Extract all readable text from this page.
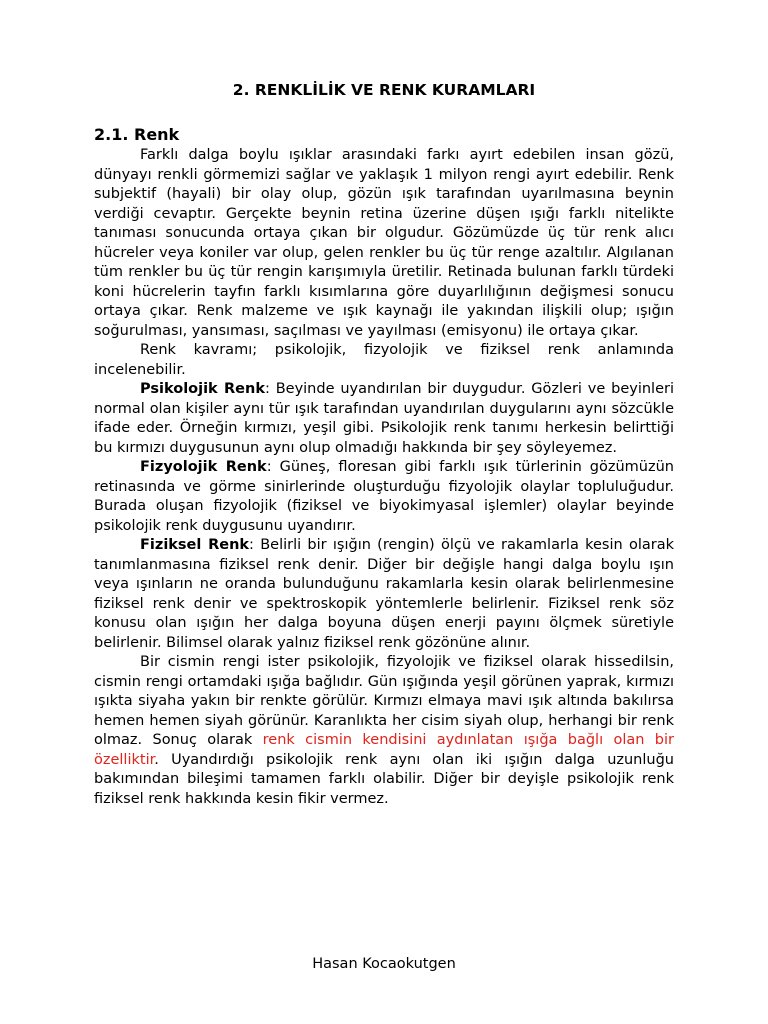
2. RENKLİLİK VE RENK KURAMLARI
2.1. Renk

Farklı dalga boylu ışıklar arasındaki farkı ayırt edebilen insan gözü, dünyayı renkli görmemizi sağlar ve yaklaşık 1 milyon rengi ayırt edebilir. Renk subjektif (hayali) bir olay olup, gözün ışık tarafından uyarılmasına beynin verdiği cevaptır. Gerçekte beynin retina üzerine düşen ışığı farklı nitelikte tanıması sonucunda ortaya çıkan bir olgudur. Gözümüzde üç tür renk alıcı hücreler veya koniler var olup, gelen renkler bu üç tür renge azaltılır. Algılanan tüm renkler bu üç tür rengin karışımıyla üretilir. Retinada bulunan farklı türdeki koni hücrelerin tayfın farklı kısımlarına göre duyarlılığının değişmesi sonucu ortaya çıkar. Renk malzeme ve ışık kaynağı ile yakından ilişkili olup; ışığın soğurulması, yansıması, saçılması ve yayılması (emisyonu) ile ortaya çıkar.

Renk kavramı; psikolojik, fizyolojik ve fiziksel renk anlamında incelenebilir.

Psikolojik Renk: Beyinde uyandırılan bir duygudur. Gözleri ve beyinleri normal olan kişiler aynı tür ışık tarafından uyandırılan duygularını aynı sözcükle ifade eder. Örneğin kırmızı, yeşil gibi. Psikolojik renk tanımı herkesin belirttiği bu kırmızı duygusunun aynı olup olmadığı hakkında bir şey söyleyemez.

Fizyolojik Renk: Güneş, floresan gibi farklı ışık türlerinin gözümüzün retinasında ve görme sinirlerinde oluşturduğu fizyolojik olaylar topluluğudur. Burada oluşan fizyolojik (fiziksel ve biyokimyasal işlemler) olaylar beyinde psikolojik renk duygusunu uyandırır.

Fiziksel Renk: Belirli bir ışığın (rengin) ölçü ve rakamlarla kesin olarak tanımlanmasına fiziksel renk denir. Diğer bir değişle hangi dalga boylu ışın veya ışınların ne oranda bulunduğunu rakamlarla kesin olarak belirlenmesine fiziksel renk denir ve spektroskopik yöntemlerle belirlenir. Fiziksel renk söz konusu olan ışığın her dalga boyuna düşen enerji payını ölçmek süretiyle belirlenir. Bilimsel olarak yalnız fiziksel renk gözönüne alınır.

Bir cismin rengi ister psikolojik, fizyolojik ve fiziksel olarak hissedilsin, cismin rengi ortamdaki ışığa bağlıdır. Gün ışığında yeşil görünen yaprak, kırmızı ışıkta siyaha yakın bir renkte görülür. Kırmızı elmaya mavi ışık altında bakılırsa hemen hemen siyah görünür. Karanlıkta her cisim siyah olup, herhangi bir renk olmaz. Sonuç olarak renk cismin kendisini aydınlatan ışığa bağlı olan bir özelliktir. Uyandırdığı psikolojik renk aynı olan iki ışığın dalga uzunluğu bakımından bileşimi tamamen farklı olabilir. Diğer bir deyişle psikolojik renk fiziksel renk hakkında kesin fikir vermez.

Hasan Kocaokutgen
